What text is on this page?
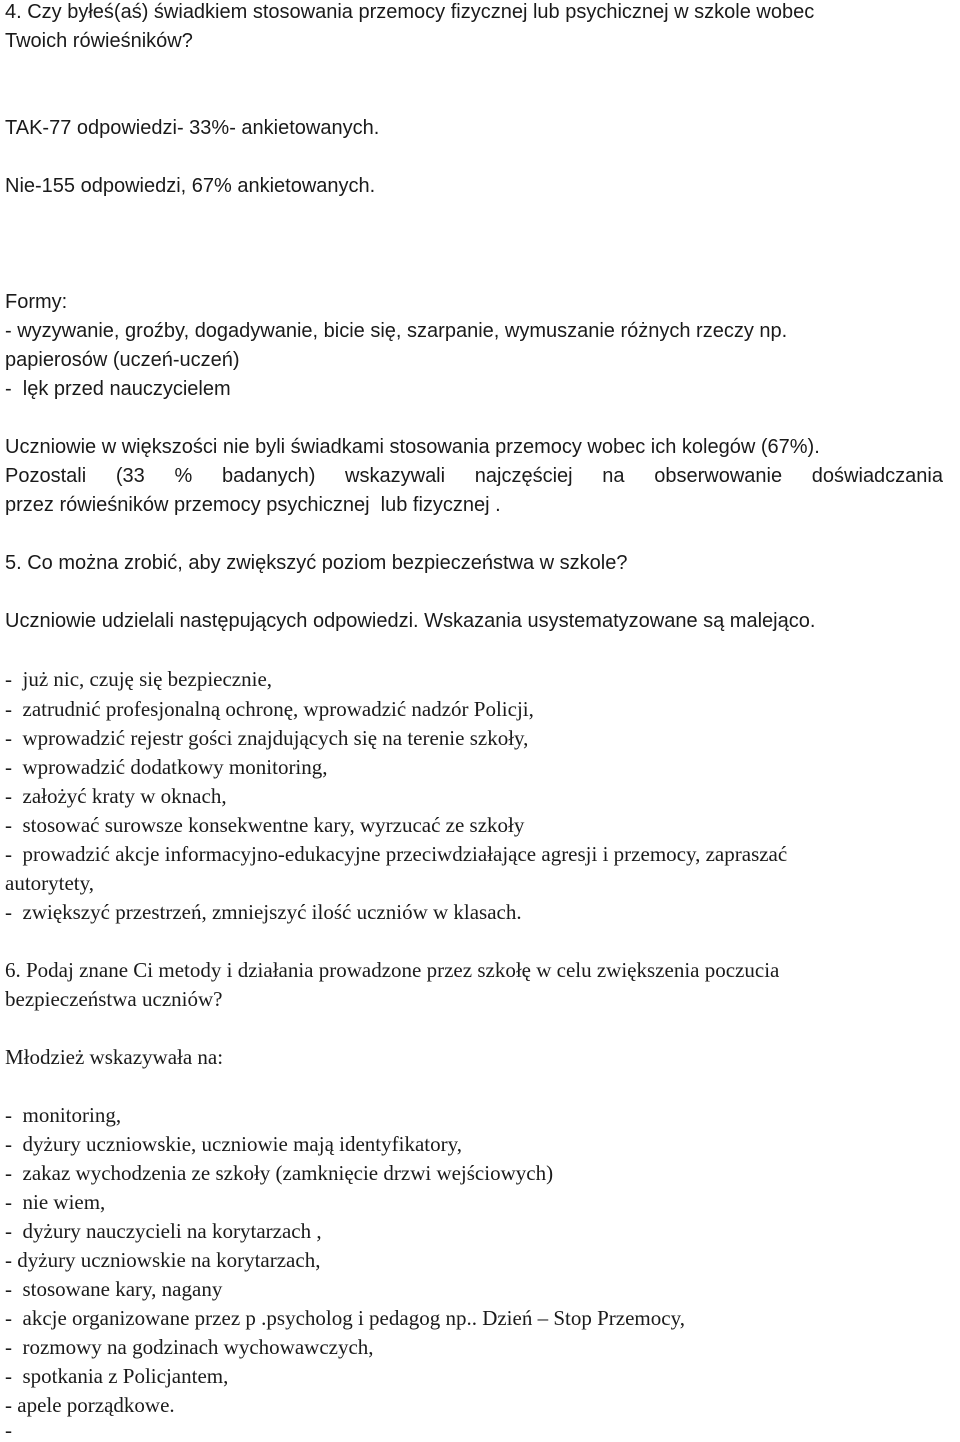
4. Czy byłeś(aś) świadkiem stosowania przemocy fizycznej lub psychicznej w szkole wobec

Twoich rówieśników?

TAK-77 odpowiedzi- 33%- ankietowanych.

Nie-155 odpowiedzi, 67% ankietowanych.

Formy:

- wyzywanie, groźby, dogadywanie, bicie się, szarpanie, wymuszanie różnych rzeczy np.

papierosów (uczeń-uczeń)

-  lęk przed nauczycielem

Uczniowie w większości nie byli świadkami stosowania przemocy wobec ich kolegów (67%).

Pozostali (33 % badanych) wskazywali najczęściej na obserwowanie doświadczania

przez rówieśników przemocy psychicznej  lub fizycznej .

5. Co można zrobić, aby zwiększyć poziom bezpieczeństwa w szkole?

Uczniowie udzielali następujących odpowiedzi. Wskazania usystematyzowane są malejąco.

-  już nic, czuję się bezpiecznie,

-  zatrudnić profesjonalną ochronę, wprowadzić nadzór Policji,

-  wprowadzić rejestr gości znajdujących się na terenie szkoły,

-  wprowadzić dodatkowy monitoring,

-  założyć kraty w oknach,

-  stosować surowsze konsekwentne kary, wyrzucać ze szkoły

-  prowadzić akcje informacyjno-edukacyjne przeciwdziałające agresji i przemocy, zapraszać

autorytety,

-  zwiększyć przestrzeń, zmniejszyć ilość uczniów w klasach.

6. Podaj znane Ci metody i działania prowadzone przez szkołę w celu zwiększenia poczucia

bezpieczeństwa uczniów?

Młodzież wskazywała na:

-  monitoring,

-  dyżury uczniowskie, uczniowie mają identyfikatory,

-  zakaz wychodzenia ze szkoły (zamknięcie drzwi wejściowych)

-  nie wiem,

-  dyżury nauczycieli na korytarzach ,

- dyżury uczniowskie na korytarzach,

-  stosowane kary, nagany

-  akcje organizowane przez p .psycholog i pedagog np.. Dzień – Stop Przemocy,

-  rozmowy na godzinach wychowawczych,

-  spotkania z Policjantem,

- apele porządkowe.

-
